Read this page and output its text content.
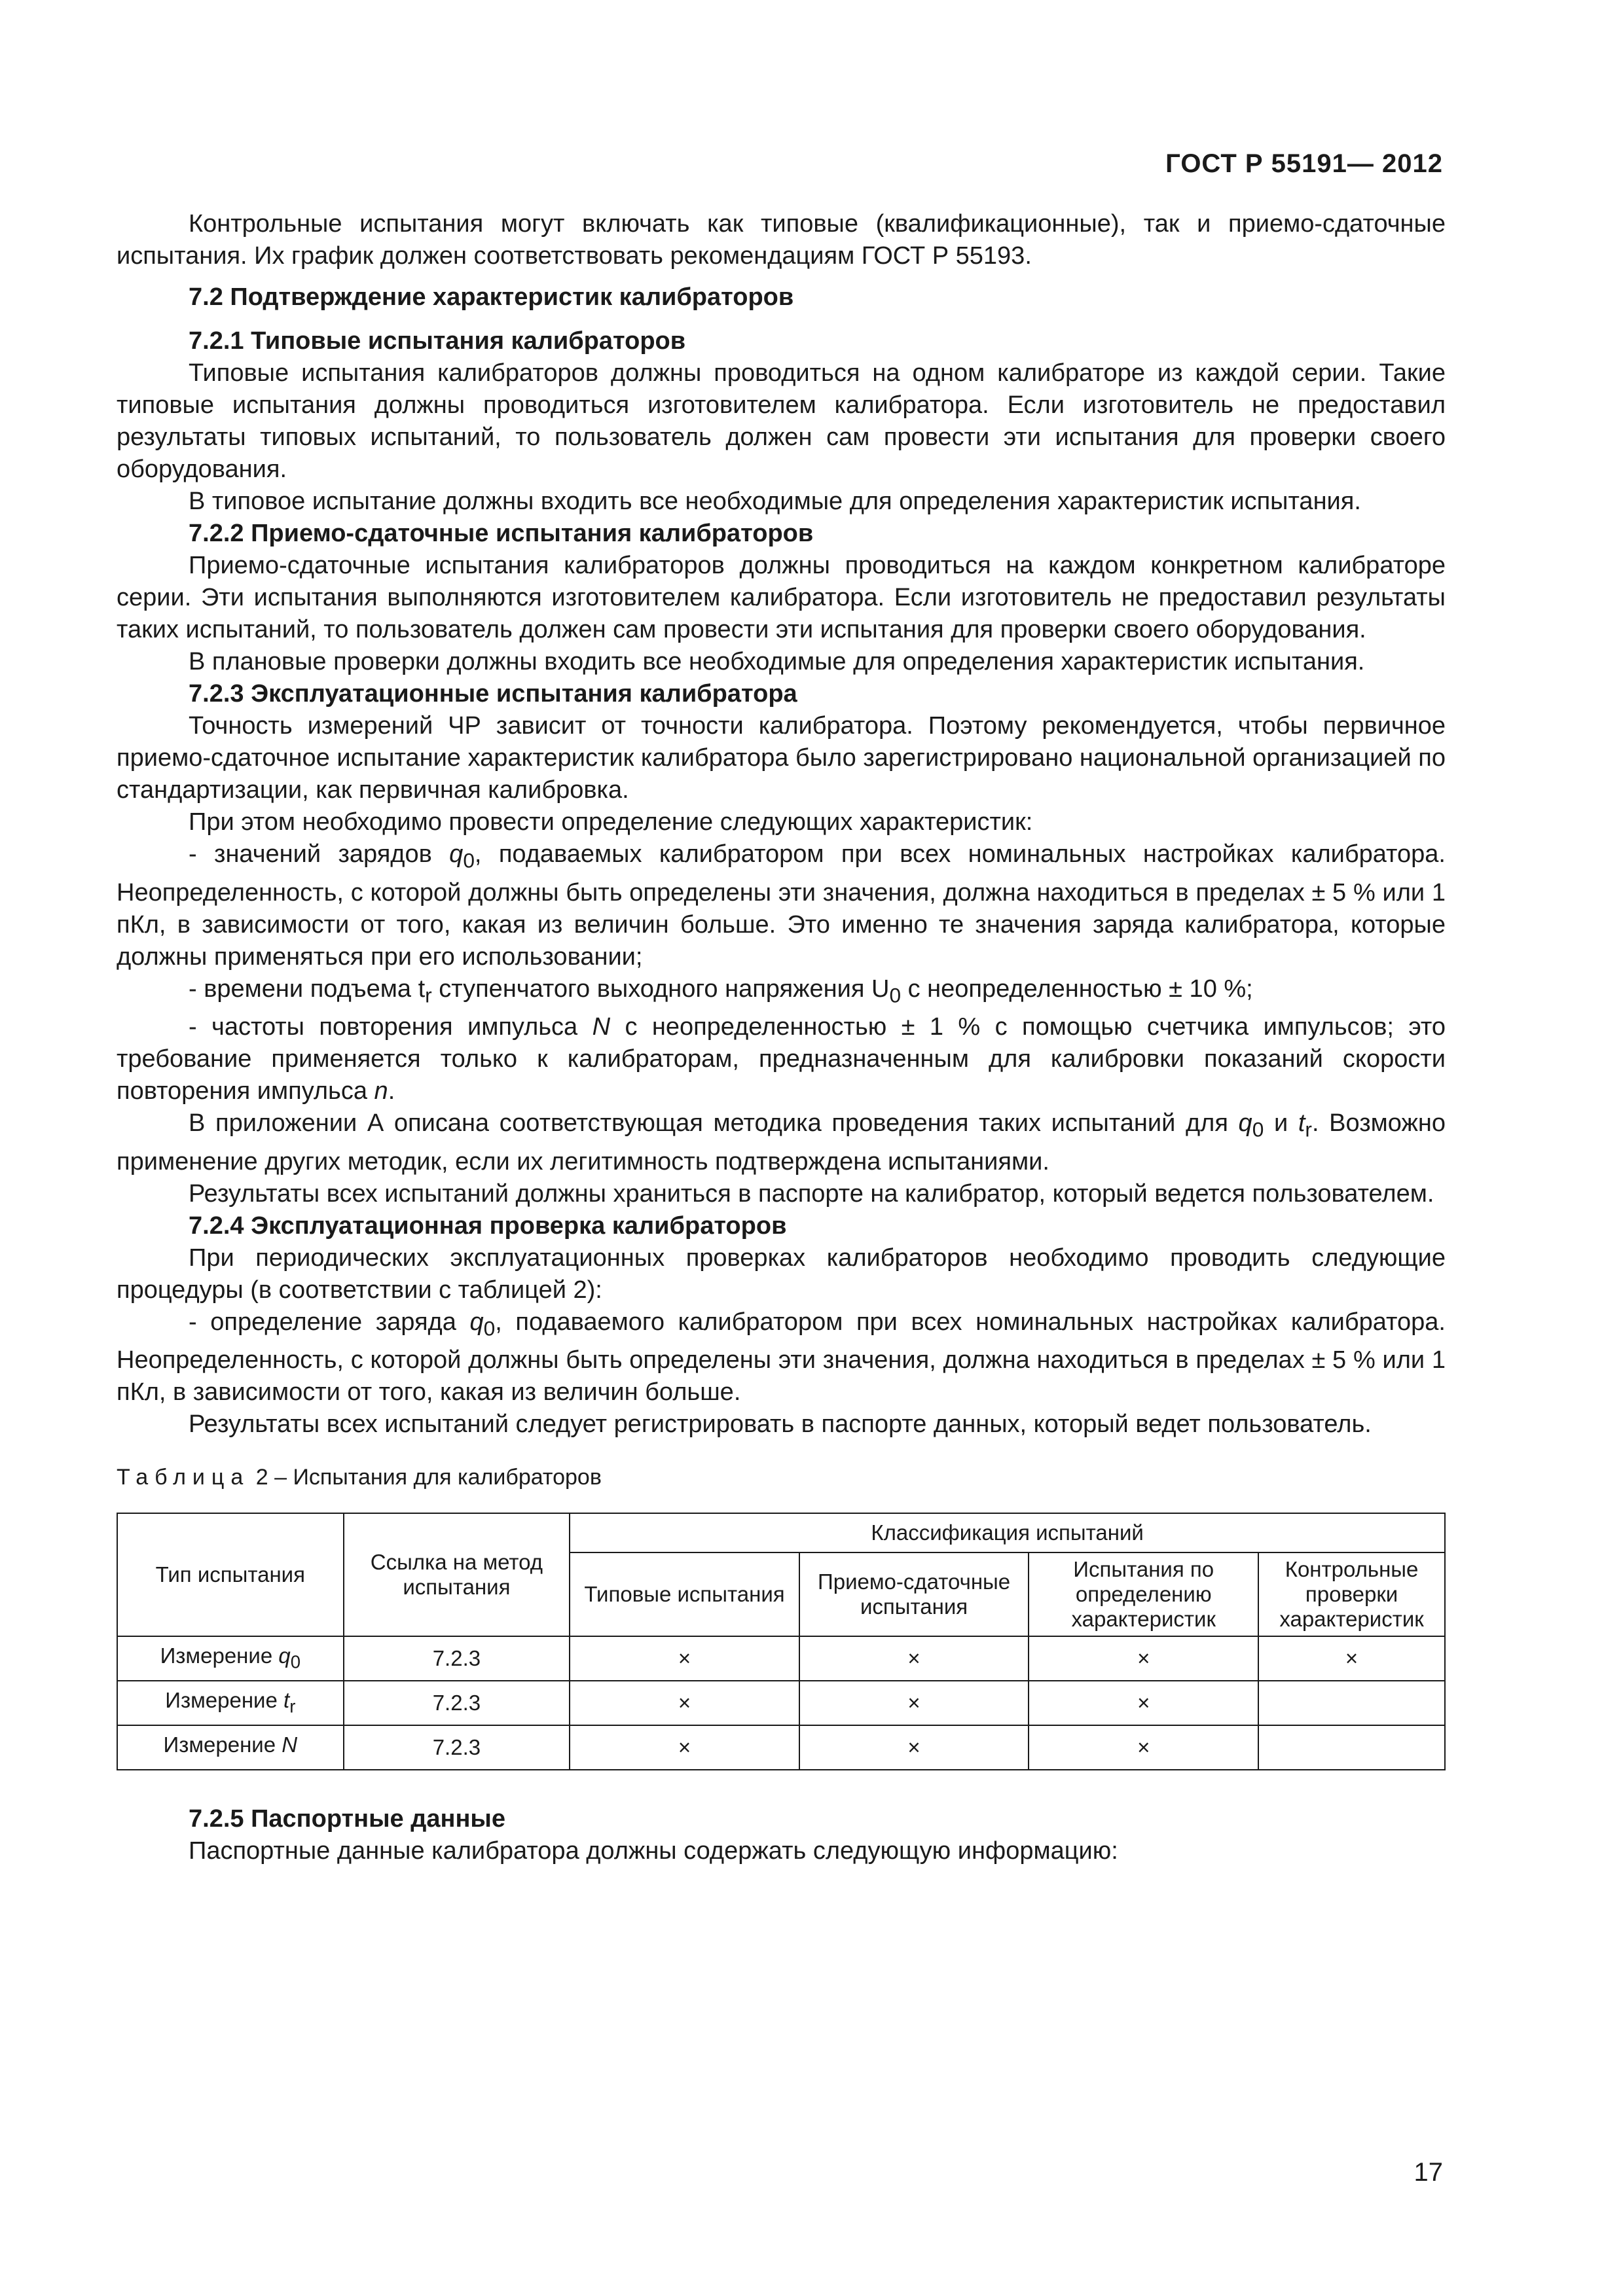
ГОСТ Р 55191— 2012

Контрольные испытания могут включать как типовые (квалификационные), так и приемо-сдаточные испытания. Их график должен соответствовать рекомендациям ГОСТ Р 55193.

7.2 Подтверждение характеристик калибраторов
7.2.1 Типовые испытания калибраторов

Типовые испытания калибраторов должны проводиться на одном калибраторе из каждой серии. Такие типовые испытания должны проводиться изготовителем калибратора. Если изготовитель не предоставил результаты типовых испытаний, то пользователь должен сам провести эти испытания для проверки своего оборудования.

В типовое испытание должны входить все необходимые для определения характеристик испытания.

7.2.2 Приемо-сдаточные испытания калибраторов

Приемо-сдаточные испытания калибраторов должны проводиться на каждом конкретном калибраторе серии. Эти испытания выполняются изготовителем калибратора. Если изготовитель не предоставил результаты таких испытаний, то пользователь должен сам провести эти испытания для проверки своего оборудования.

В плановые проверки должны входить все необходимые для определения характеристик испытания.

7.2.3 Эксплуатационные испытания калибратора

Точность измерений ЧР зависит от точности калибратора. Поэтому рекомендуется, чтобы первичное приемо-сдаточное испытание характеристик калибратора было зарегистрировано национальной организацией по стандартизации, как первичная калибровка.

При этом необходимо провести определение следующих характеристик:

- значений зарядов $q_0$, подаваемых калибратором при всех номинальных настройках калибратора. Неопределенность, с которой должны быть определены эти значения, должна находиться в пределах ± 5 % или 1 пКл, в зависимости от того, какая из величин больше. Это именно те значения заряда калибратора, которые должны применяться при его использовании;

- времени подъема $t_r$ ступенчатого выходного напряжения $U_0$ с неопределенностью ± 10 %;

- частоты повторения импульса N с неопределенностью ± 1 % с помощью счетчика импульсов; это требование применяется только к калибраторам, предназначенным для калибровки показаний скорости повторения импульса n.

В приложении А описана соответствующая методика проведения таких испытаний для $q_0$ и $t_r$. Возможно применение других методик, если их легитимность подтверждена испытаниями.

Результаты всех испытаний должны храниться в паспорте на калибратор, который ведется пользователем.

7.2.4 Эксплуатационная проверка калибраторов

При периодических эксплуатационных проверках калибраторов необходимо проводить следующие процедуры (в соответствии с таблицей 2):

- определение заряда $q_0$, подаваемого калибратором при всех номинальных настройках калибратора. Неопределенность, с которой должны быть определены эти значения, должна находиться в пределах ± 5 % или 1 пКл, в зависимости от того, какая из величин больше.

Результаты всех испытаний следует регистрировать в паспорте данных, который ведет пользователь.

Таблица 2 – Испытания для калибраторов
Тип испытания	Ссылка на метод испытания	Классификация испытаний			
		Типовые испытания	Приемо-сдаточные испытания	Испытания по определению характеристик	Контрольные проверки характеристик
Измерение $q_0$	7.2.3	×	×	×	×
Измерение $t_r$	7.2.3	×	×	×	
Измерение N	7.2.3	×	×	×	
7.2.5 Паспортные данные

Паспортные данные калибратора должны содержать следующую информацию:

17
